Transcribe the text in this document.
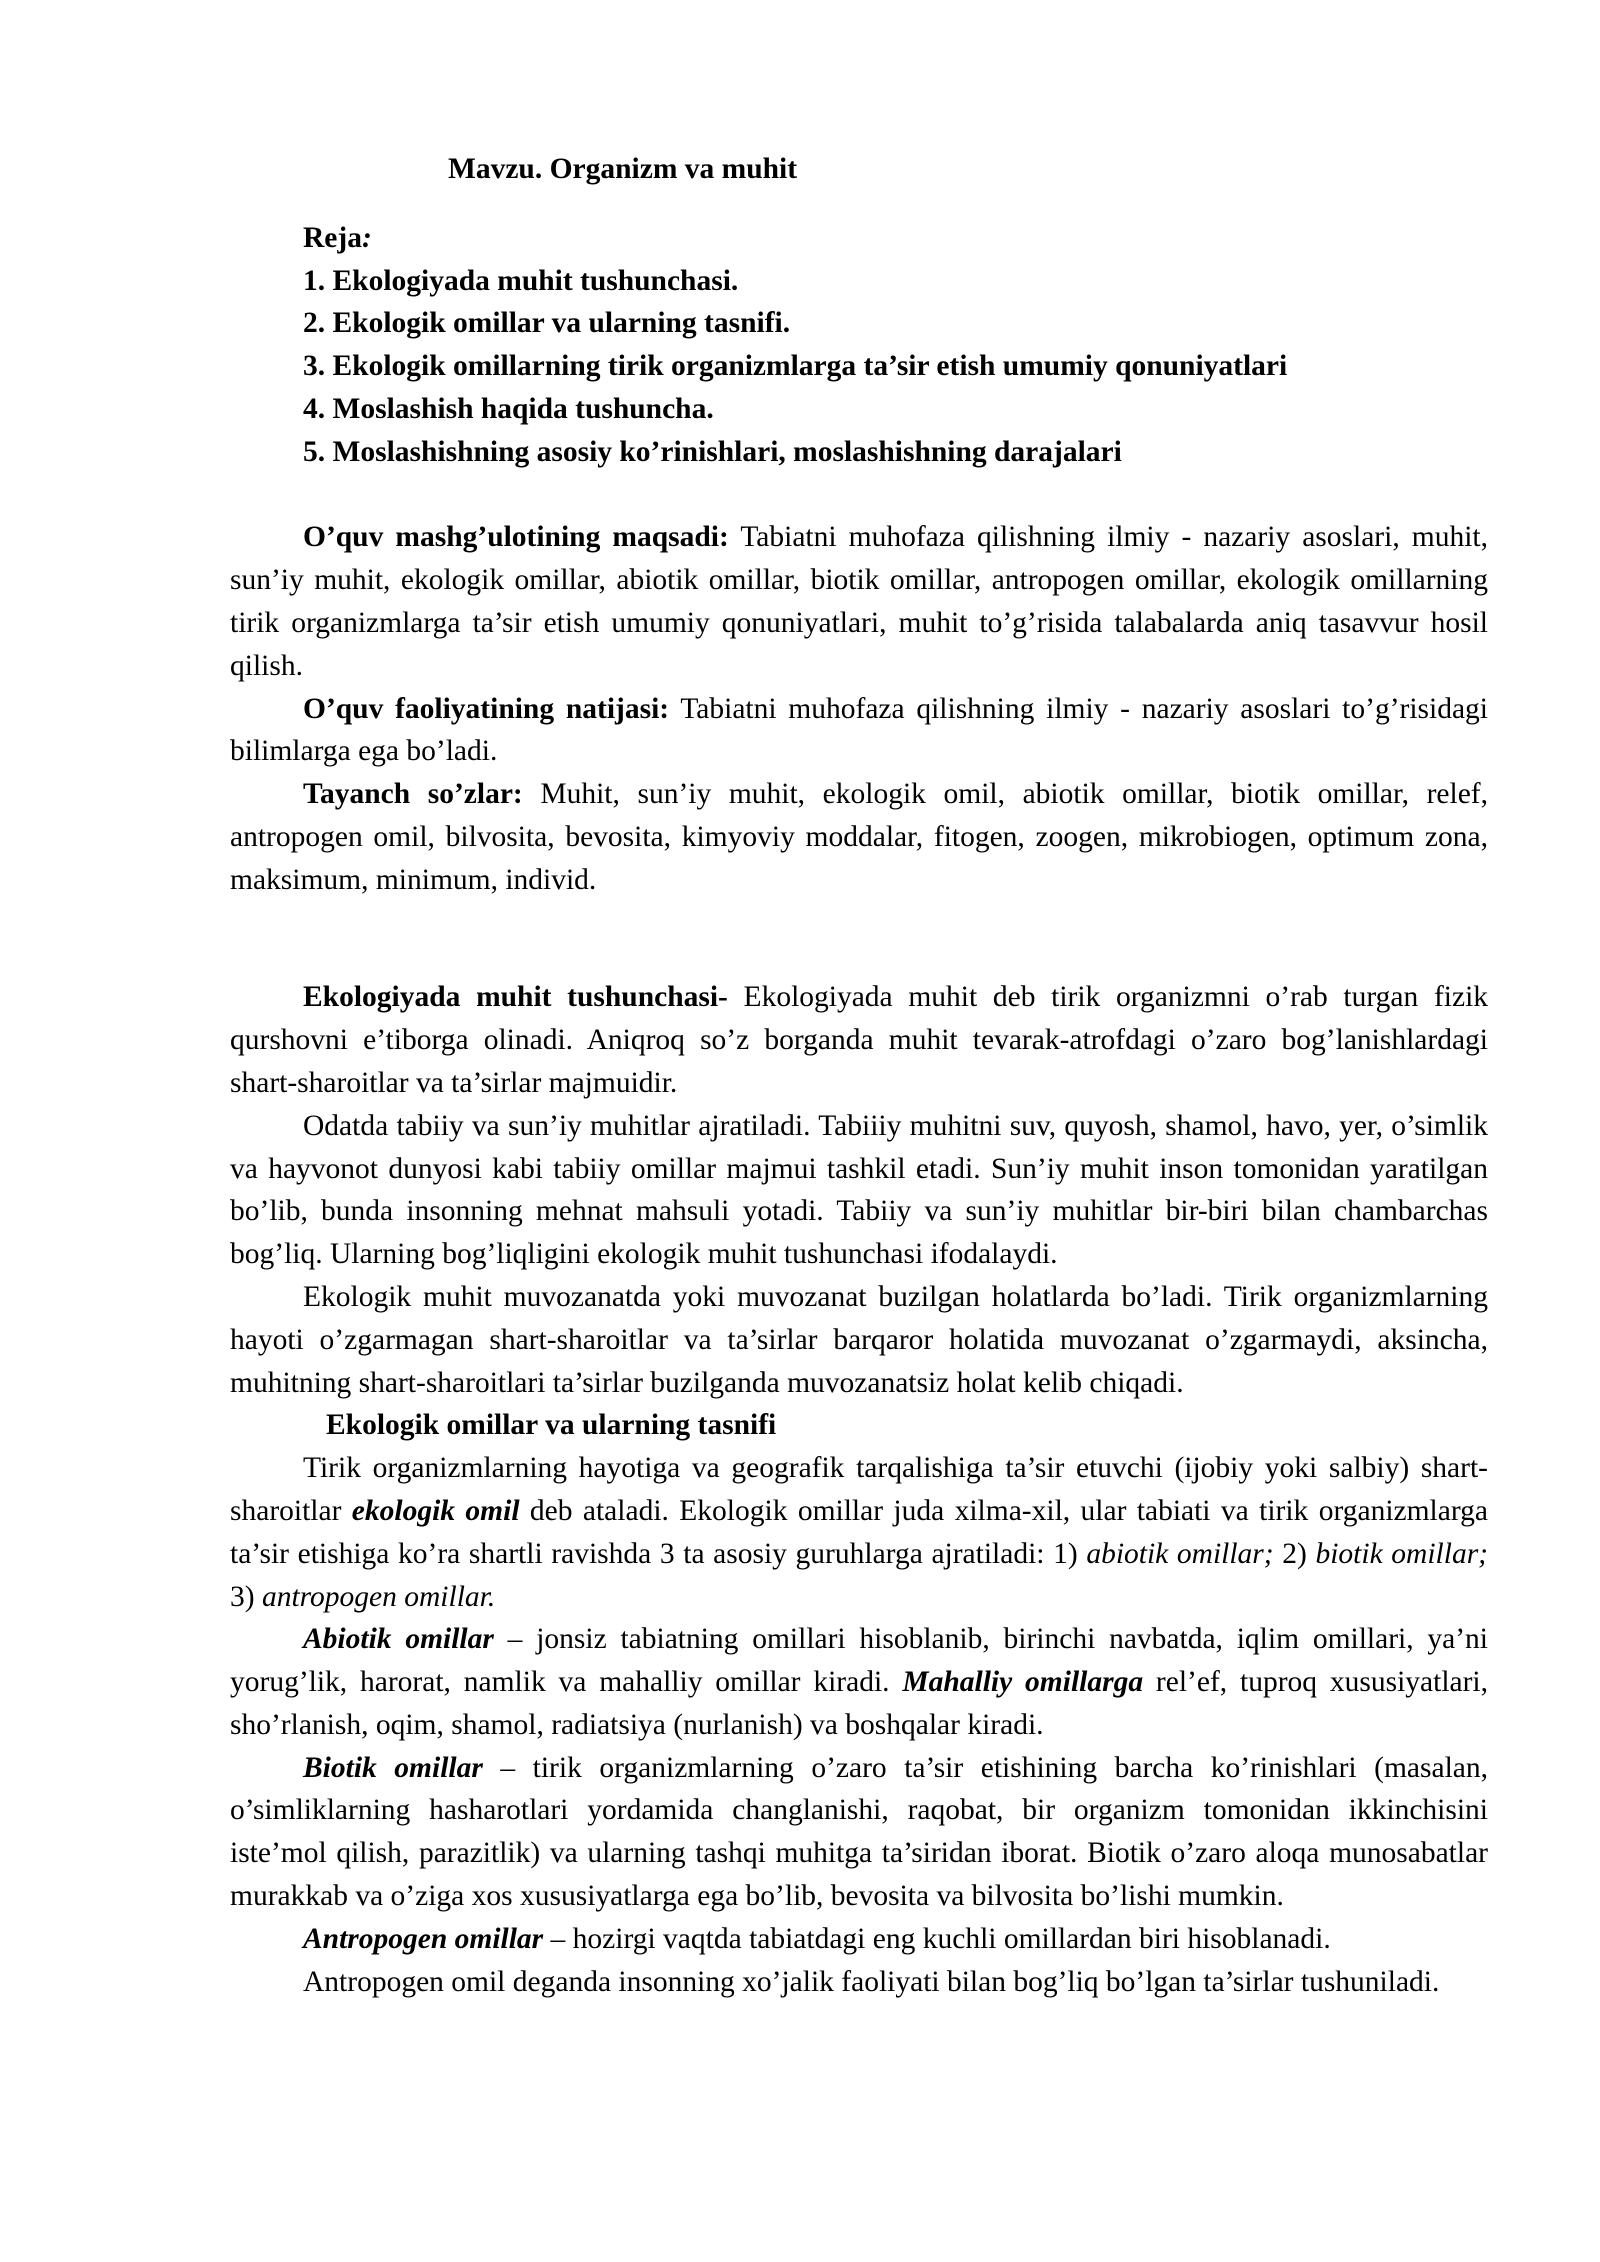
Mavzu. Organizm va muhit

Reja:

1. Ekologiyada muhit tushunchasi.
2. Ekologik omillar va ularning tasnifi.
3. Ekologik omillarning tirik organizmlarga ta’sir etish umumiy qonuniyatlari
4. Moslashish haqida tushuncha.
5. Moslashishning asosiy ko’rinishlari, moslashishning darajalari

O’quv mashg’ulotining maqsadi: Tabiatni muhofaza qilishning ilmiy - nazariy asoslari, muhit, sun’iy muhit, ekologik omillar, abiotik omillar, biotik omillar, antropogen omillar, ekologik omillarning tirik organizmlarga ta’sir etish umumiy qonuniyatlari, muhit to’g’risida talabalarda aniq tasavvur hosil qilish.

O’quv faoliyatining natijasi: Tabiatni muhofaza qilishning ilmiy - nazariy asoslari to’g’risidagi bilimlarga ega bo’ladi.

Tayanch so’zlar: Muhit, sun’iy muhit, ekologik omil, abiotik omillar, biotik omillar, relef, antropogen omil, bilvosita, bevosita, kimyoviy moddalar, fitogen, zoogen, mikrobiogen, optimum zona, maksimum, minimum, individ.

Ekologiyada muhit tushunchasi- Ekologiyada muhit deb tirik organizmni o’rab turgan fizik qurshovni e’tiborga olinadi. Aniqroq so’z borganda muhit tevarak-atrofdagi o’zaro bog’lanishlardagi shart-sharoitlar va ta’sirlar majmuidir.

Odatda tabiiy va sun’iy muhitlar ajratiladi. Tabiiiy muhitni suv, quyosh, shamol, havo, yer, o’simlik va hayvonot dunyosi kabi tabiiy omillar majmui tashkil etadi. Sun’iy muhit inson tomonidan yaratilgan bo’lib, bunda insonning mehnat mahsuli yotadi. Tabiiy va sun’iy muhitlar bir-biri bilan chambarchas bog’liq. Ularning bog’liqligini ekologik muhit tushunchasi ifodalaydi.

Ekologik muhit muvozanatda yoki muvozanat buzilgan holatlarda bo’ladi. Tirik organizmlarning hayoti o’zgarmagan shart-sharoitlar va ta’sirlar barqaror holatida muvozanat o’zgarmaydi, aksincha, muhitning shart-sharoitlari ta’sirlar buzilganda muvozanatsiz holat kelib chiqadi.

Ekologik omillar va ularning tasnifi

Tirik organizmlarning hayotiga va geografik tarqalishiga ta’sir etuvchi (ijobiy yoki salbiy) shart-sharoitlar ekologik omil deb ataladi. Ekologik omillar juda xilma-xil, ular tabiati va tirik organizmlarga ta’sir etishiga ko’ra shartli ravishda 3 ta asosiy guruhlarga ajratiladi: 1) abiotik omillar; 2) biotik omillar; 3) antropogen omillar.

Abiotik omillar – jonsiz tabiatning omillari hisoblanib, birinchi navbatda, iqlim omillari, ya’ni yorug’lik, harorat, namlik va mahalliy omillar kiradi. Mahalliy omillarga rel’ef, tuproq xususiyatlari, sho’rlanish, oqim, shamol, radiatsiya (nurlanish) va boshqalar kiradi.

Biotik omillar – tirik organizmlarning o’zaro ta’sir etishining barcha ko’rinishlari (masalan, o’simliklarning hasharotlari yordamida changlanishi, raqobat, bir organizm tomonidan ikkinchisini iste’mol qilish, parazitlik) va ularning tashqi muhitga ta’siridan iborat. Biotik o’zaro aloqa munosabatlar murakkab va o’ziga xos xususiyatlarga ega bo’lib, bevosita va bilvosita bo’lishi mumkin.

Antropogen omillar – hozirgi vaqtda tabiatdagi eng kuchli omillardan biri hisoblanadi.

Antropogen omil deganda insonning xo’jalik faoliyati bilan bog’liq bo’lgan ta’sirlar tushuniladi.
